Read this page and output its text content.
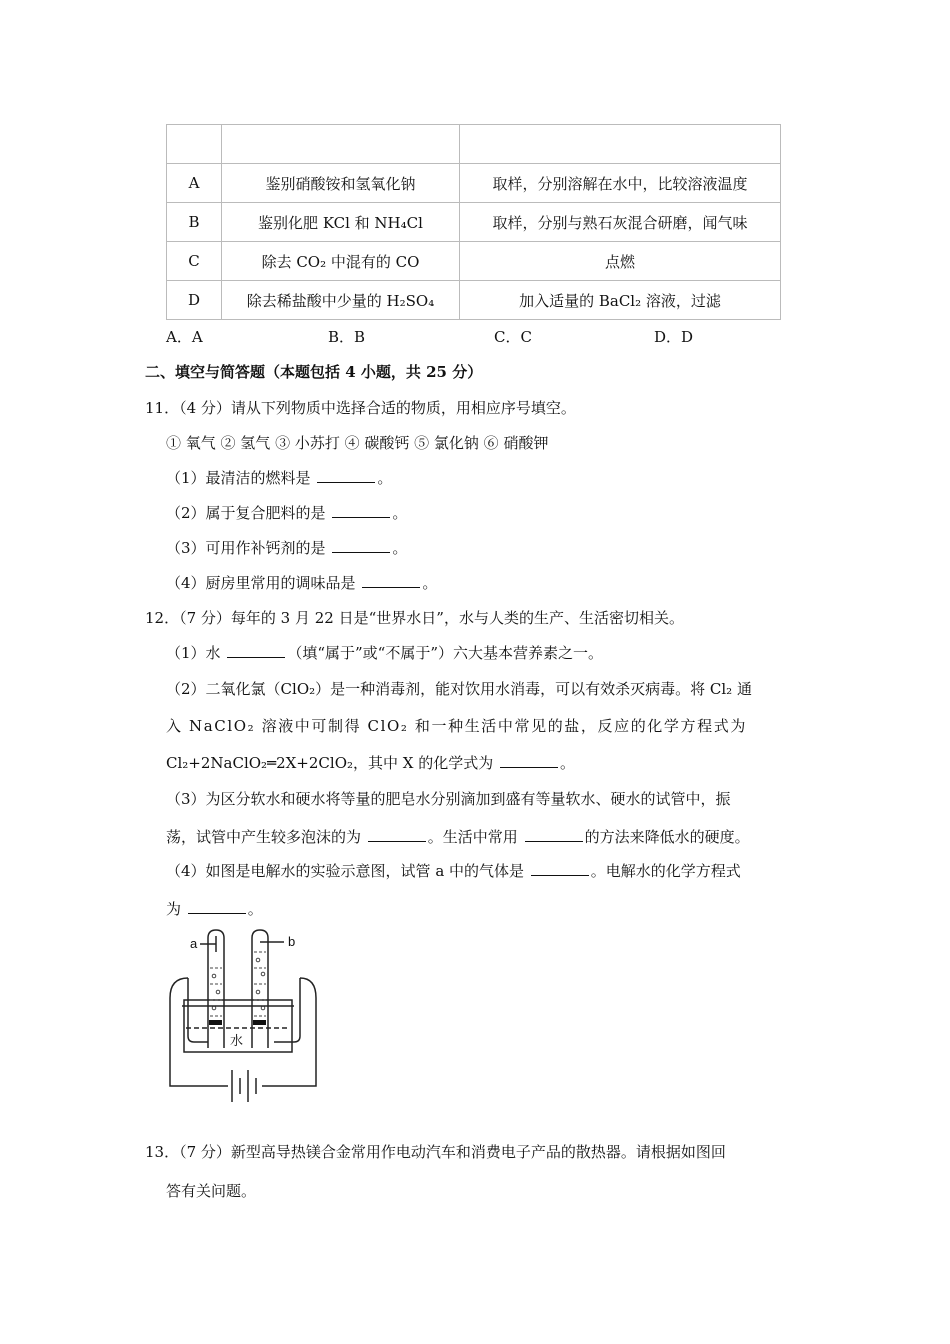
A	鉴别硝酸铵和氢氧化钠	取样，分别溶解在水中，比较溶液温度
B	鉴别化肥 KCl 和 NH₄Cl	取样，分别与熟石灰混合研磨，闻气味
C	除去 CO₂ 中混有的 CO	点燃
D	除去稀盐酸中少量的 H₂SO₄	加入适量的 BaCl₂ 溶液，过滤
A．A	B．B	C．C	D．D
二、填空与简答题（本题包括 4 小题，共 25 分）
11．（4 分）请从下列物质中选择合适的物质，用相应序号填空。
① 氧气 ② 氢气 ③ 小苏打 ④ 碳酸钙 ⑤ 氯化钠 ⑥ 硝酸钾
（1）最清洁的燃料是	。
（2）属于复合肥料的是	。
（3）可用作补钙剂的是	。
（4）厨房里常用的调味品是	。
12．（7 分）每年的 3 月 22 日是“世界水日”，水与人类的生产、生活密切相关。
（1）水	（填“属于”或“不属于”）六大基本营养素之一。
（2）二氧化氯（ClO₂）是一种消毒剂，能对饮用水消毒，可以有效杀灭病毒。将 Cl₂ 通
入 NaClO₂ 溶液中可制得 ClO₂ 和一种生活中常见的盐，反应的化学方程式为
Cl₂+2NaClO₂═2X+2ClO₂，其中 X 的化学式为	。
（3）为区分软水和硬水将等量的肥皂水分别滴加到盛有等量软水、硬水的试管中，振
荡，试管中产生较多泡沫的为	。生活中常用	的方法来降低水的硬度。
（4）如图是电解水的实验示意图，试管 a 中的气体是	。电解水的化学方程式
为	。
a	b
水
13．（7 分）新型高导热镁合金常用作电动汽车和消费电子产品的散热器。请根据如图回
答有关问题。
